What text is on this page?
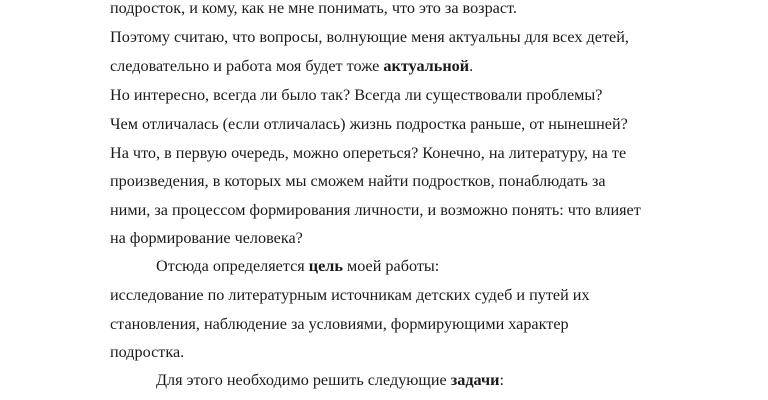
подросток, и кому, как не мне понимать, что это за возраст.
Поэтому считаю, что вопросы, волнующие меня актуальны для всех детей,
следовательно и работа моя будет тоже актуальной.
Но интересно, всегда ли было так? Всегда ли существовали проблемы?
Чем отличалась (если отличалась) жизнь подростка раньше, от нынешней?
На что, в первую очередь, можно опереться? Конечно, на литературу, на те
произведения, в которых мы сможем найти подростков, понаблюдать за
ними, за процессом формирования личности, и возможно понять: что влияет
на формирование человека?
Отсюда определяется цель моей работы:
исследование по литературным источникам детских судеб и путей их
становления, наблюдение за условиями, формирующими характер
подростка.
Для этого необходимо решить следующие задачи:
